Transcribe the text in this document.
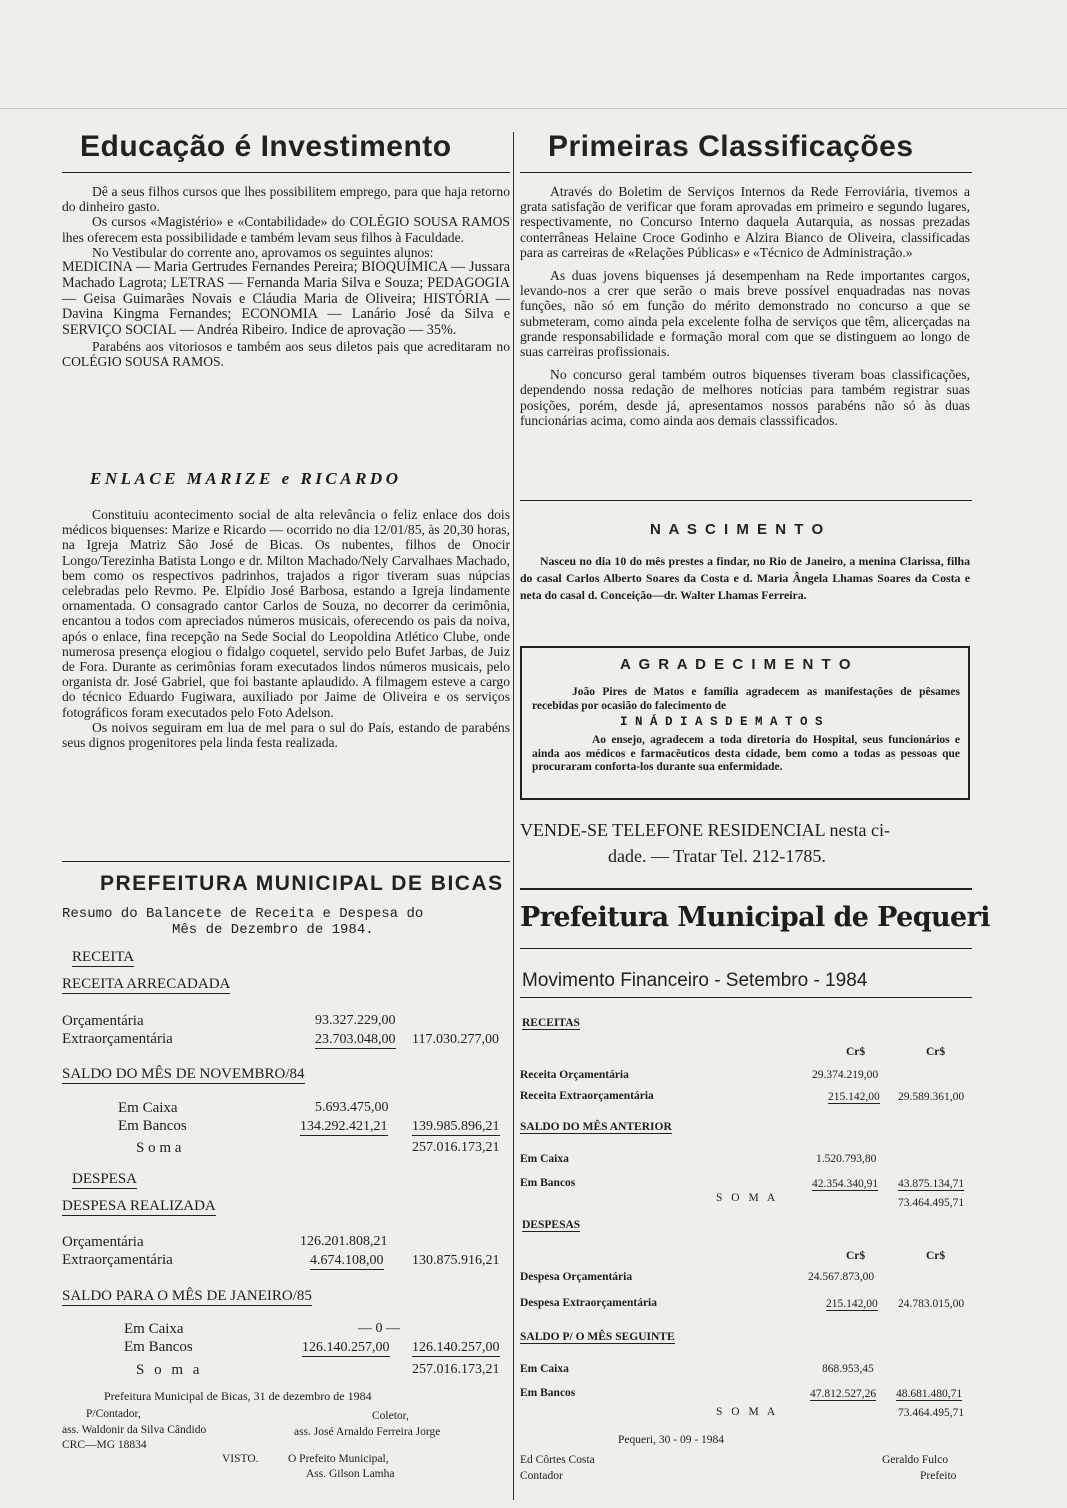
Educação é Investimento

Dê a seus filhos cursos que lhes possibilitem emprego, para que haja retorno do dinheiro gasto.

Os cursos «Magistério» e «Contabilidade» do COLÉGIO SOUSA RAMOS lhes oferecem esta possibilidade e também levam seus filhos à Faculdade.

No Vestibular do corrente ano, aprovamos os seguintes alunos:

MEDICINA — Maria Gertrudes Fernandes Pereira; BIOQUÍMICA — Jussara Machado Lagrota; LETRAS — Fernanda Maria Silva e Souza; PEDAGOGIA — Geisa Guimarães Novais e Cláudia Maria de Oliveira; HISTÓRIA — Davina Kingma Fernandes; ECONOMIA — Lanário José da Silva e SERVIÇO SOCIAL — Andréa Ribeiro. Indice de aprovação — 35%.

Parabéns aos vitoriosos e também aos seus diletos pais que acreditaram no COLÉGIO SOUSA RAMOS.

ENLACE MARIZE e RICARDO

Constituiu acontecimento social de alta relevância o feliz enlace dos dois médicos biquenses: Marize e Ricardo — ocorrido no dia 12/01/85, às 20,30 horas, na Igreja Matriz São José de Bicas. Os nubentes, filhos de Onocir Longo/Terezinha Batista Longo e dr. Milton Machado/Nely Carvalhaes Machado, bem como os respectivos padrinhos, trajados a rigor tiveram suas núpcias celebradas pelo Revmo. Pe. Elpídio José Barbosa, estando a Igreja lindamente ornamentada. O consagrado cantor Carlos de Souza, no decorrer da cerimônia, encantou a todos com apreciados números musicais, oferecendo os pais da noiva, após o enlace, fina recepção na Sede Social do Leopoldina Atlético Clube, onde numerosa presença elogiou o fidalgo coquetel, servido pelo Bufet Jarbas, de Juiz de Fora. Durante as cerimônias foram executados lindos números musicais, pelo organista dr. José Gabriel, que foi bastante aplaudido. A filmagem esteve a cargo do técnico Eduardo Fugiwara, auxiliado por Jaime de Oliveira e os serviços fotográficos foram executados pelo Foto Adelson.

Os noivos seguiram em lua de mel para o sul do País, estando de parabéns seus dignos progenitores pela linda festa realizada.

PREFEITURA MUNICIPAL DE BICAS
Resumo do Balancete de Receita e Despesa do
Mês de Dezembro de 1984.
RECEITA
RECEITA ARRECADADA
Orçamentária	93.327.229,00
Extraorçamentária	23.703.048,00 117.030.277,00
SALDO DO MÊS DE NOVEMBRO/84
Em Caixa	5.693.475,00
Em Bancos	134.292.421,21 139.985.896,21
S o m a	257.016.173,21
DESPESA
DESPESA REALIZADA
Orçamentária	126.201.808,21
Extraorçamentária	4.674.108,00 130.875.916,21
SALDO PARA O MÊS DE JANEIRO/85
Em Caixa	— 0 —
Em Bancos	126.140.257,00 126.140.257,00
S o m a	257.016.173,21
Prefeitura Municipal de Bicas, 31 de dezembro de 1984
P/Contador,
ass. Waldonir da Silva Cândido
CRC—MG 18834
Coletor,
ass. José Arnaldo Ferreira Jorge
VISTO.	O Prefeito Municipal,
Ass. Gilson Lamha
Primeiras Classificações

Através do Boletim de Serviços Internos da Rede Ferroviária, tivemos a grata satisfação de verificar que foram aprovadas em primeiro e segundo lugares, respectivamente, no Concurso Interno daquela Autarquia, as nossas prezadas conterrâneas Helaine Croce Godinho e Alzira Bianco de Oliveira, classificadas para as carreiras de «Relações Públicas» e «Técnico de Administração.»

As duas jovens biquenses já desempenham na Rede importantes cargos, levando-nos a crer que serão o mais breve possível enquadradas nas novas funções, não só em função do mérito demonstrado no concurso a que se submeteram, como ainda pela excelente folha de serviços que têm, alicerçadas na grande responsabilidade e formação moral com que se distinguem ao longo de suas carreiras profissionais.

No concurso geral também outros biquenses tiveram boas classificações, dependendo nossa redação de melhores notícias para também registrar suas posições, porém, desde já, apresentamos nossos parabéns não só às duas funcionárias acima, como ainda aos demais classsificados.

N A S C I M E N T O

Nasceu no dia 10 do mês prestes a findar, no Rio de Janeiro, a menina Clarissa, filha do casal Carlos Alberto Soares da Costa e d. Maria Ângela Lhamas Soares da Costa e neta do casal d. Conceição—dr. Walter Lhamas Ferreira.

A G R A D E C I M E N T O

João Pires de Matos e família agradecem as manifestações de pêsames recebidas por ocasião do falecimento de

I N Á D I A S D E M A T O S

Ao ensejo, agradecem a toda diretoria do Hospital, seus funcionários e ainda aos médicos e farmacêuticos desta cidade, bem como a todas as pessoas que procuraram conforta-los durante sua enfermidade.

VENDE-SE TELEFONE RESIDENCIAL nesta ci-
dade. — Tratar Tel. 212-1785.
Prefeitura Municipal de Pequeri
Movimento Financeiro - Setembro - 1984
RECEITAS
Cr$	Cr$
Receita Orçamentária	29.374.219,00
Receita Extraorçamentária	215.142,00 29.589.361,00
SALDO DO MÊS ANTERIOR
Em Caixa	1.520.793,80
Em Bancos	42.354.340,91 43.875.134,71
S O M A	73.464.495,71
DESPESAS
Cr$	Cr$
Despesa Orçamentária	24.567.873,00
Despesa Extraorçamentária	215.142,00 24.783.015,00
SALDO P/ O MÊS SEGUINTE
Em Caixa	868.953,45
Em Bancos	47.812.527,26 48.681.480,71
S O M A	73.464.495,71
Pequeri, 30 - 09 - 1984
Ed Côrtes Costa
Contador
Geraldo Fulco
Prefeito
